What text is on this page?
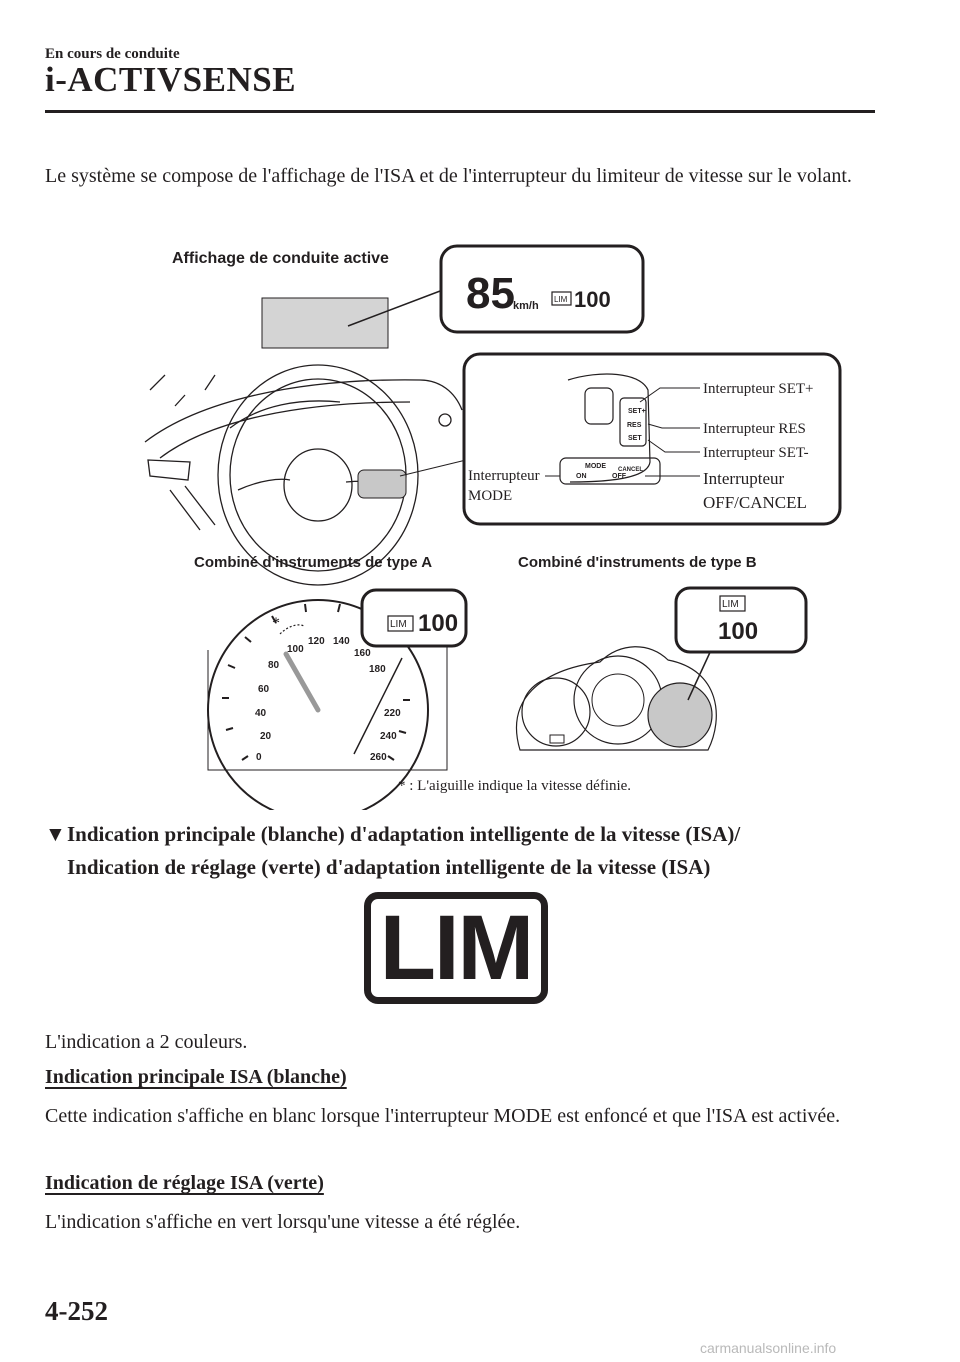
En cours de conduite
i-ACTIVSENSE
Le système se compose de l'affichage de l'ISA et de l'interrupteur du limiteur de vitesse sur le volant.
Affichage de conduite active
85
km/h
LIM 100
SET+
RES
SET
MODE
ON	OFF
CANCEL
Interrupteur SET+
Interrupteur RES
Interrupteur SET-
Interrupteur
MODE
Interrupteur
OFF/CANCEL
Combiné d'instruments de type A	Combiné d'instruments de type B
0
20
40
60
80
100
120 140
160
180
220
240
260
*	LIM 100
LIM
100
* : L'aiguille indique la vitesse définie.
▼Indication principale (blanche) d'adaptation intelligente de la vitesse (ISA)/
Indication de réglage (verte) d'adaptation intelligente de la vitesse (ISA)
LIM
L'indication a 2 couleurs.
Indication principale ISA (blanche)
Cette indication s'affiche en blanc lorsque l'interrupteur MODE est enfoncé et que l'ISA est activée.
Indication de réglage ISA (verte)
L'indication s'affiche en vert lorsqu'une vitesse a été réglée.
4-252
carmanualsonline.info
